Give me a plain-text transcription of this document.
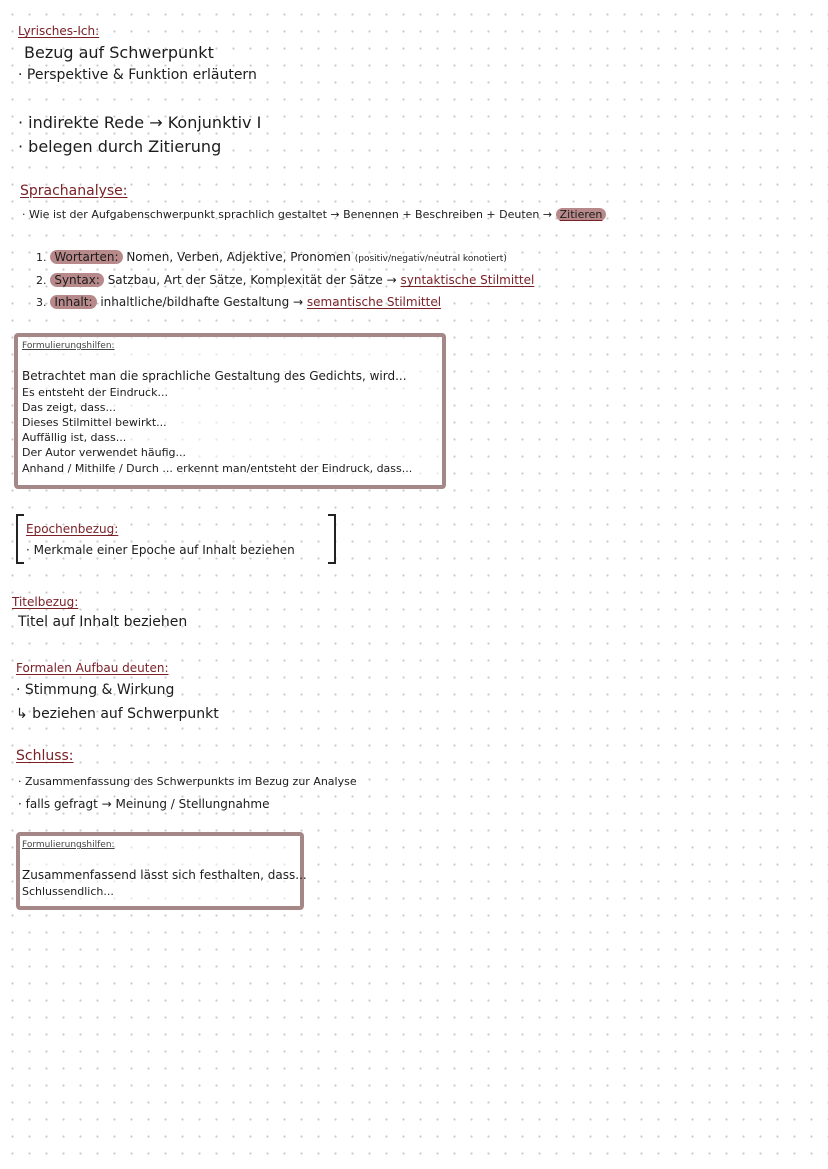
Lyrisches-Ich:
Bezug auf Schwerpunkt
· Perspektive & Funktion erläutern
· indirekte Rede → Konjunktiv I
· belegen durch Zitierung
Sprachanalyse:
· Wie ist der Aufgabenschwerpunkt sprachlich gestaltet → Benennen + Beschreiben + Deuten → Zitieren
1. Wortarten: Nomen, Verben, Adjektive, Pronomen (positiv/negativ/neutral konotiert)
2. Syntax: Satzbau, Art der Sätze, Komplexität der Sätze → syntaktische Stilmittel
3. Inhalt: inhaltliche/bildhafte Gestaltung → semantische Stilmittel
Formulierungshilfen:
Betrachtet man die sprachliche Gestaltung des Gedichts, wird...
Es entsteht der Eindruck...
Das zeigt, dass...
Dieses Stilmittel bewirkt...
Auffällig ist, dass...
Der Autor verwendet häufig...
Anhand / Mithilfe / Durch ... erkennt man/entsteht der Eindruck, dass...
Epochenbezug:
· Merkmale einer Epoche auf Inhalt beziehen
Titelbezug:
Titel auf Inhalt beziehen
Formalen Aufbau deuten:
· Stimmung & Wirkung
↳ beziehen auf Schwerpunkt
Schluss:
· Zusammenfassung des Schwerpunkts im Bezug zur Analyse
· falls gefragt → Meinung / Stellungnahme
Formulierungshilfen:
Zusammenfassend lässt sich festhalten, dass...
Schlussendlich...
